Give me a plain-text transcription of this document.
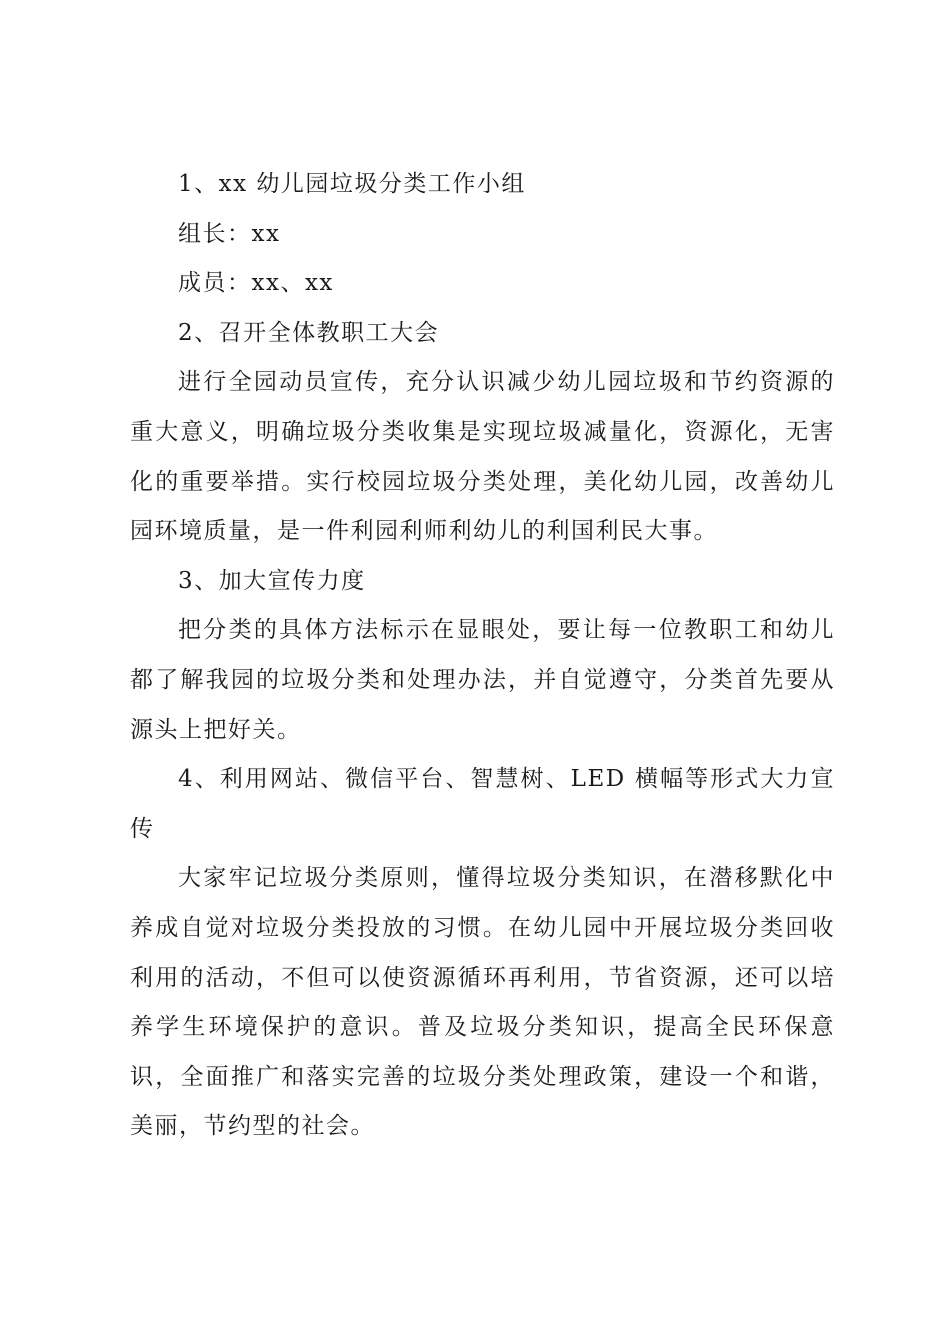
1、xx 幼儿园垃圾分类工作小组

组长：xx

成员：xx、xx

2、召开全体教职工大会

进行全园动员宣传，充分认识减少幼儿园垃圾和节约资源的重大意义，明确垃圾分类收集是实现垃圾减量化，资源化，无害化的重要举措。实行校园垃圾分类处理，美化幼儿园，改善幼儿园环境质量，是一件利园利师利幼儿的利国利民大事。

3、加大宣传力度

把分类的具体方法标示在显眼处，要让每一位教职工和幼儿都了解我园的垃圾分类和处理办法，并自觉遵守，分类首先要从源头上把好关。

4、利用网站、微信平台、智慧树、LED 横幅等形式大力宣传

大家牢记垃圾分类原则，懂得垃圾分类知识，在潜移默化中养成自觉对垃圾分类投放的习惯。在幼儿园中开展垃圾分类回收利用的活动，不但可以使资源循环再利用，节省资源，还可以培养学生环境保护的意识。普及垃圾分类知识，提高全民环保意识，全面推广和落实完善的垃圾分类处理政策，建设一个和谐，美丽，节约型的社会。
